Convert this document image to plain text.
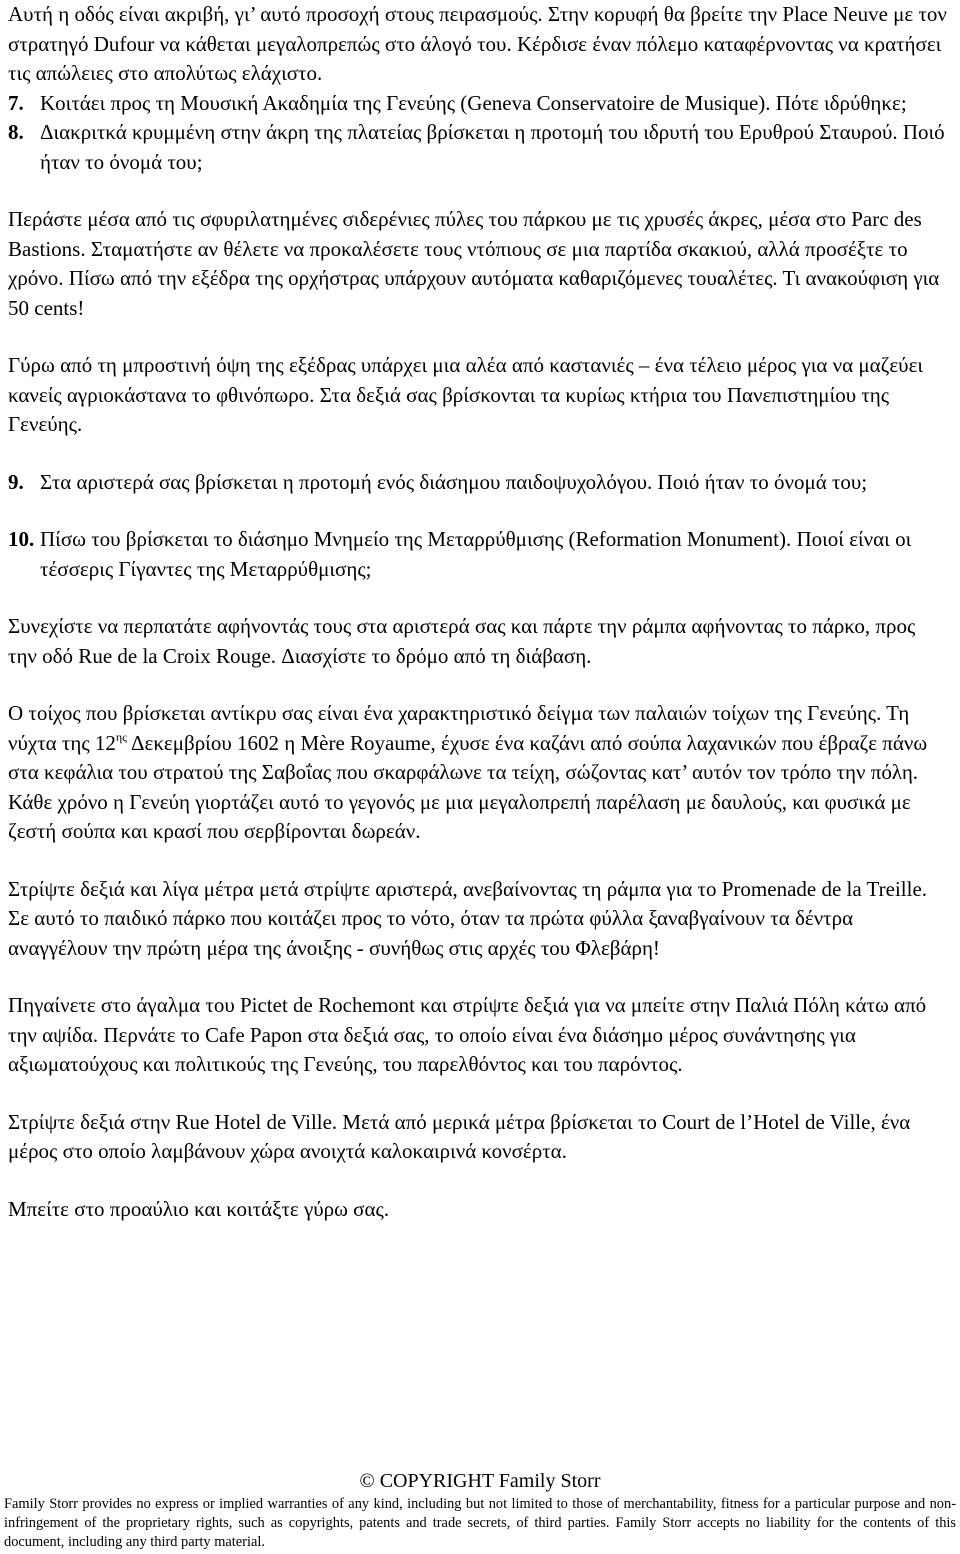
Αυτή η οδός είναι ακριβή, γι’ αυτό προσοχή στους πειρασμούς. Στην κορυφή θα βρείτε την Place Neuve με τον στρατηγό Dufour να κάθεται μεγαλοπρεπώς στο άλογό του. Κέρδισε έναν πόλεμο καταφέρνοντας να κρατήσει τις απώλειες στο απολύτως ελάχιστο.

7. Κοιτάει προς τη Μουσική Ακαδημία της Γενεύης (Geneva Conservatoire de Musique). Πότε ιδρύθηκε;

8. Διακριτκά κρυμμένη στην άκρη της πλατείας βρίσκεται η προτομή του ιδρυτή του Ερυθρού Σταυρού. Ποιό ήταν το όνομά του;

Περάστε μέσα από τις σφυριλατημένες σιδερένιες πύλες του πάρκου με τις χρυσές άκρες, μέσα στο Parc des Bastions. Σταματήστε αν θέλετε να προκαλέσετε τους ντόπιους σε μια παρτίδα σκακιού, αλλά προσέξτε το χρόνο. Πίσω από την εξέδρα της ορχήστρας υπάρχουν αυτόματα καθαριζόμενες τουαλέτες. Τι ανακούφιση για 50 cents!

Γύρω από τη μπροστινή όψη της εξέδρας υπάρχει μια αλέα από καστανιές – ένα τέλειο μέρος για να μαζεύει κανείς αγριοκάστανα το φθινόπωρο. Στα δεξιά σας βρίσκονται τα κυρίως κτήρια του Πανεπιστημίου της Γενεύης.

9. Στα αριστερά σας βρίσκεται η προτομή ενός διάσημου παιδοψυχολόγου. Ποιό ήταν το όνομά του;

10. Πίσω του βρίσκεται το διάσημο Μνημείο της Μεταρρύθμισης (Reformation Monument). Ποιοί είναι οι τέσσερις Γίγαντες της Μεταρρύθμισης;

Συνεχίστε να περπατάτε αφήνοντάς τους στα αριστερά σας και πάρτε την ράμπα αφήνοντας το πάρκο, προς την οδό Rue de la Croix Rouge. Διασχίστε το δρόμο από τη διάβαση.

Ο τοίχος που βρίσκεται αντίκρυ σας είναι ένα χαρακτηριστικό δείγμα των παλαιών τοίχων της Γενεύης. Τη νύχτα της $12^{\eta\varsigma}$ Δεκεμβρίου 1602 η Mère Royaume, έχυσε ένα καζάνι από σούπα λαχανικών που έβραζε πάνω στα κεφάλια του στρατού της Σαβοΐας που σκαρφάλωνε τα τείχη, σώζοντας κατ’ αυτόν τον τρόπο την πόλη. Κάθε χρόνο η Γενεύη γιορτάζει αυτό το γεγονός με μια μεγαλοπρεπή παρέλαση με δαυλούς, και φυσικά με ζεστή σούπα και κρασί που σερβίρονται δωρεάν.

Στρίψτε δεξιά και λίγα μέτρα μετά στρίψτε αριστερά, ανεβαίνοντας τη ράμπα για το Promenade de la Treille. Σε αυτό το παιδικό πάρκο που κοιτάζει προς το νότο, όταν τα πρώτα φύλλα ξαναβγαίνουν τα δέντρα αναγγέλουν την πρώτη μέρα της άνοιξης - συνήθως στις αρχές του Φλεβάρη!

Πηγαίνετε στο άγαλμα του Pictet de Rochemont και στρίψτε δεξιά για να μπείτε στην Παλιά Πόλη κάτω από την αψίδα. Περνάτε το Cafe Papon στα δεξιά σας, το οποίο είναι ένα διάσημο μέρος συνάντησης για αξιωματούχους και πολιτικούς της Γενεύης, του παρελθόντος και του παρόντος.

Στρίψτε δεξιά στην Rue Hotel de Ville. Μετά από μερικά μέτρα βρίσκεται το Court de l’Hotel de Ville, ένα μέρος στο οποίο λαμβάνουν χώρα ανοιχτά καλοκαιρινά κονσέρτα.

Μπείτε στο προαύλιο και κοιτάξτε γύρω σας.

© COPYRIGHT Family Storr
Family Storr provides no express or implied warranties of any kind, including but not limited to those of merchantability, fitness for a particular purpose and non-infringement of the proprietary rights, such as copyrights, patents and trade secrets, of third parties. Family Storr accepts no liability for the contents of this document, including any third party material.
